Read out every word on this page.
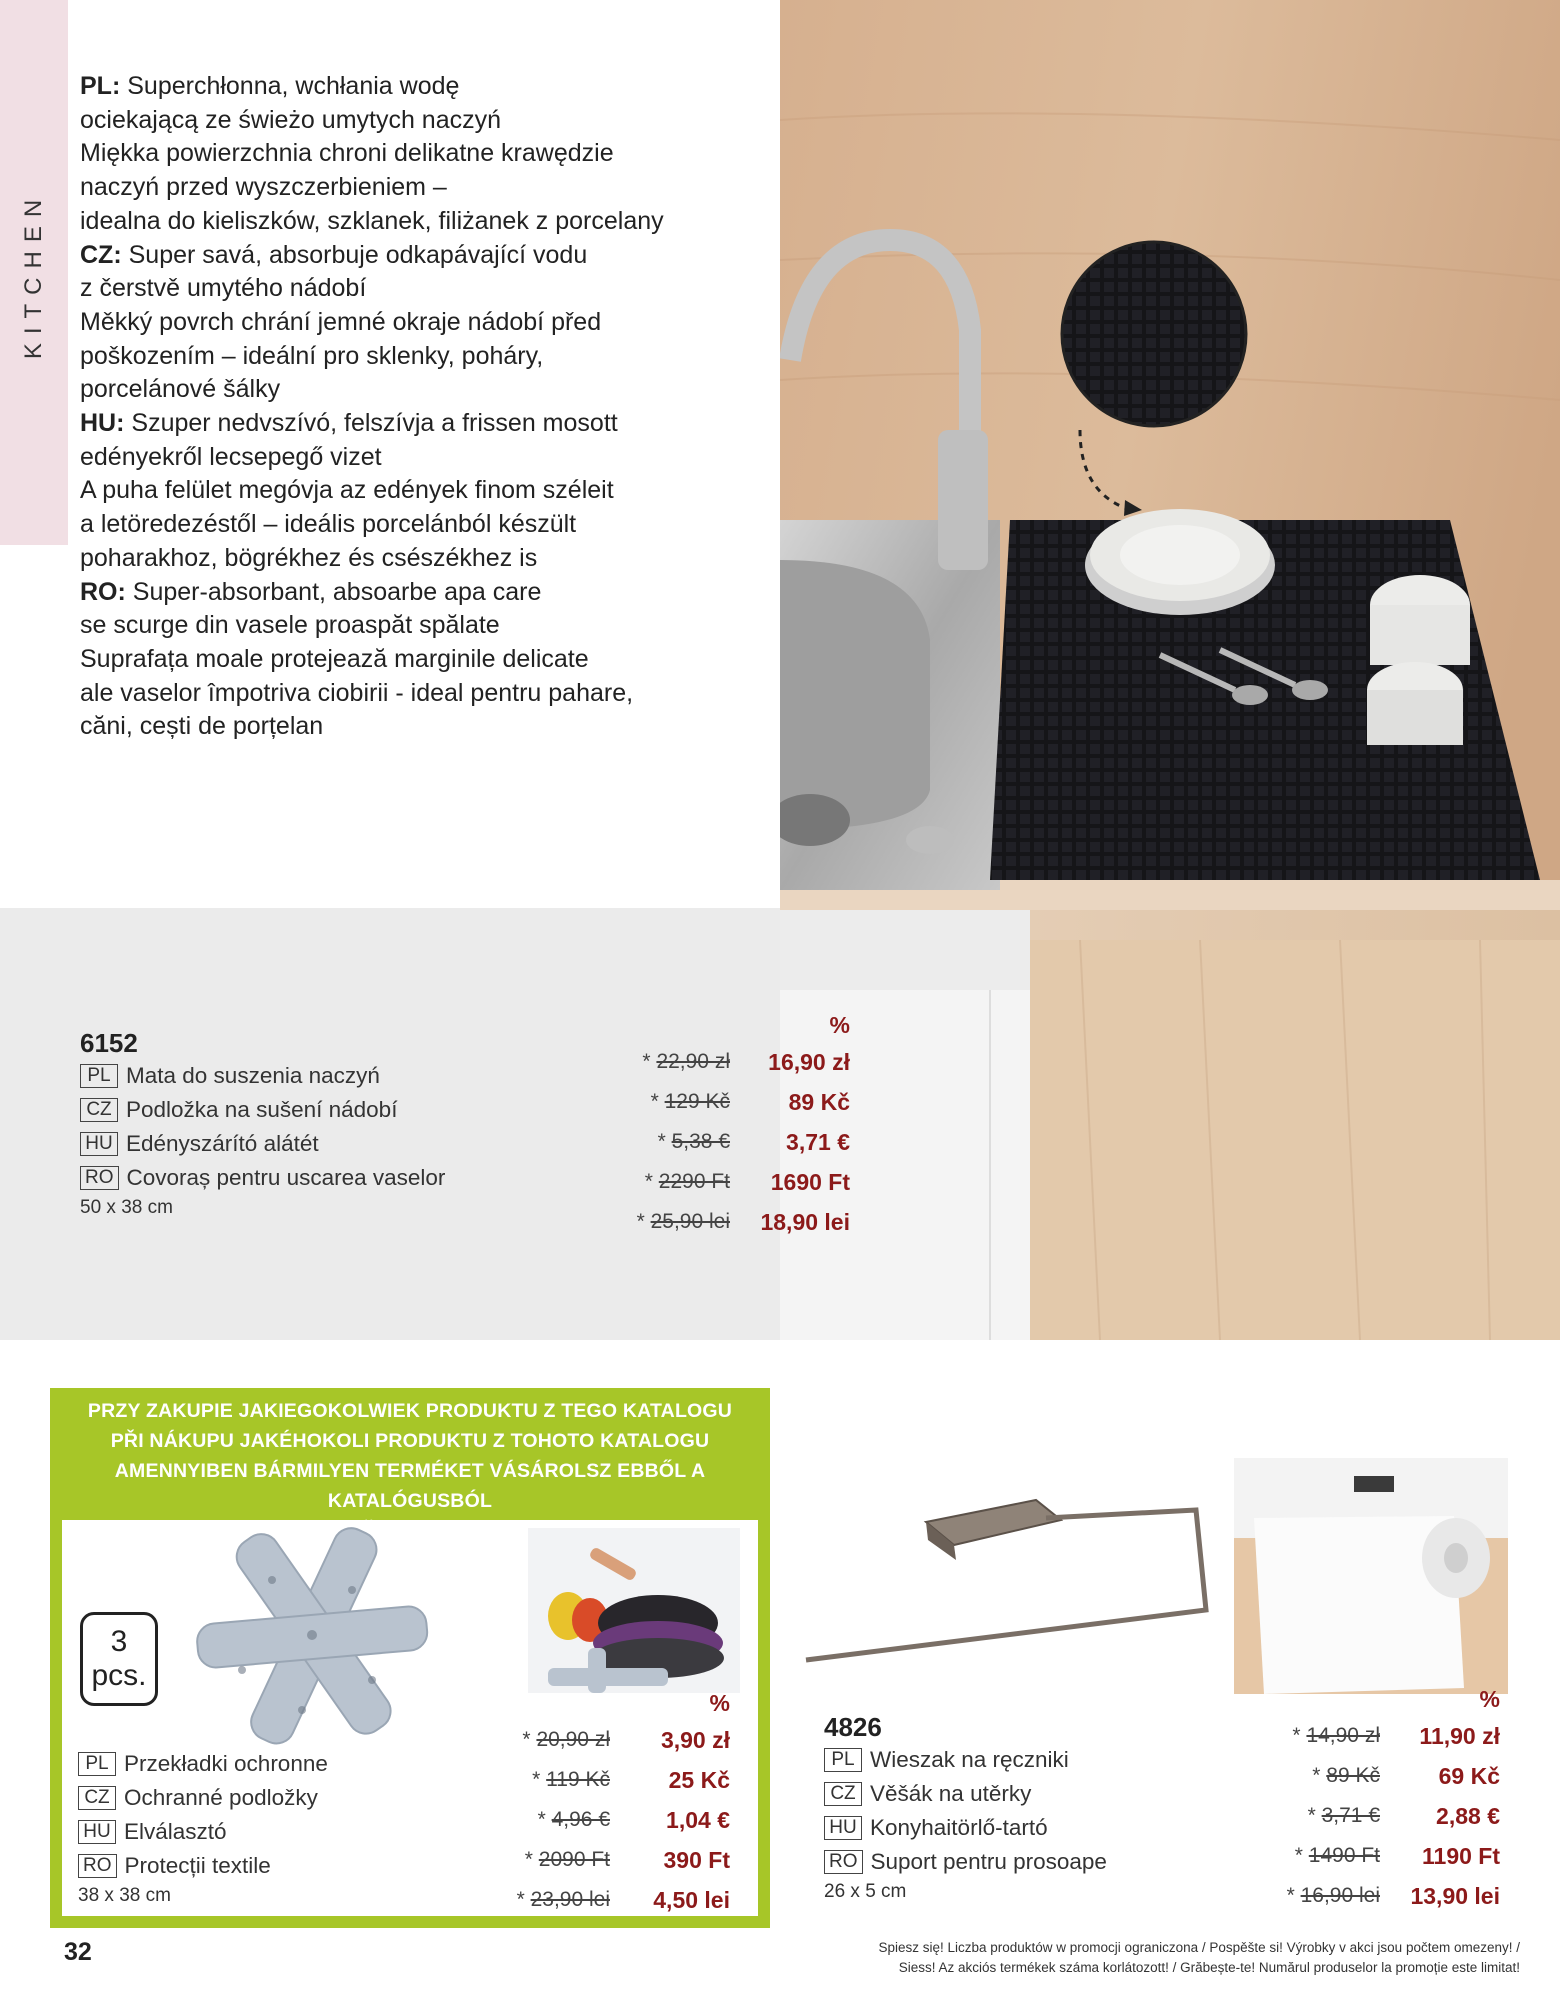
KITCHEN
PL: Superchłonna, wchłania wodę
ociekającą ze świeżo umytych naczyń
Miękka powierzchnia chroni delikatne krawędzie
naczyń przed wyszczerbieniem –
idealna do kieliszków, szklanek, filiżanek z porcelany
CZ: Super savá, absorbuje odkapávající vodu
z čerstvě umytého nádobí
Měkký povrch chrání jemné okraje nádobí před
poškozením – ideální pro sklenky, poháry,
porcelánové šálky
HU: Szuper nedvszívó, felszívja a frissen mosott
edényekről lecsepegő vizet
A puha felület megóvja az edények finom széleit
a letöredezéstől – ideális porcelánból készült
poharakhoz, bögrékhez és csészékhez is
RO: Super-absorbant, absoarbe apa care
se scurge din vasele proaspăt spălate
Suprafața moale protejează marginile delicate
ale vaselor împotriva ciobirii - ideal pentru pahare,
căni, cești de porțelan
6152
PL Mata do suszenia naczyń
CZ Podložka na sušení nádobí
HU Edényszárító alátét
RO Covoraș pentru uscarea vaselor
50 x 38 cm
%
* 22,90 zł	16,90 zł
* 129 Kč	89 Kč
* 5,38 €	3,71 €
* 2290 Ft	1690 Ft
* 25,90 lei	18,90 lei
PRZY ZAKUPIE JAKIEGOKOLWIEK PRODUKTU Z TEGO KATALOGU
PŘI NÁKUPU JAKÉHOKOLI PRODUKTU Z TOHOTO KATALOGU
AMENNYIBEN BÁRMILYEN TERMÉKET VÁSÁROLSZ EBBŐL A KATALÓGUSBÓL
3
pcs.
PL Przekładki ochronne
CZ Ochranné podložky
HU Elválasztó
RO Protecții textile
38 x 38 cm
%
* 20,90 zł	3,90 zł
* 119 Kč	25 Kč
* 4,96 €	1,04 €
* 2090 Ft	390 Ft
* 23,90 lei	4,50 lei
4826
PL Wieszak na ręczniki
CZ Věšák na utěrky
HU Konyhaitörlő-tartó
RO Suport pentru prosoape
26 x 5 cm
%
* 14,90 zł	11,90 zł
* 89 Kč	69 Kč
* 3,71 €	2,88 €
* 1490 Ft	1190 Ft
* 16,90 lei	13,90 lei
32	Spiesz się! Liczba produktów w promocji ograniczona / Pospěšte si! Výrobky v akci jsou počtem omezeny! /
Siess! Az akciós termékek száma korlátozott! / Grăbește-te! Numărul produselor la promoție este limitat!
